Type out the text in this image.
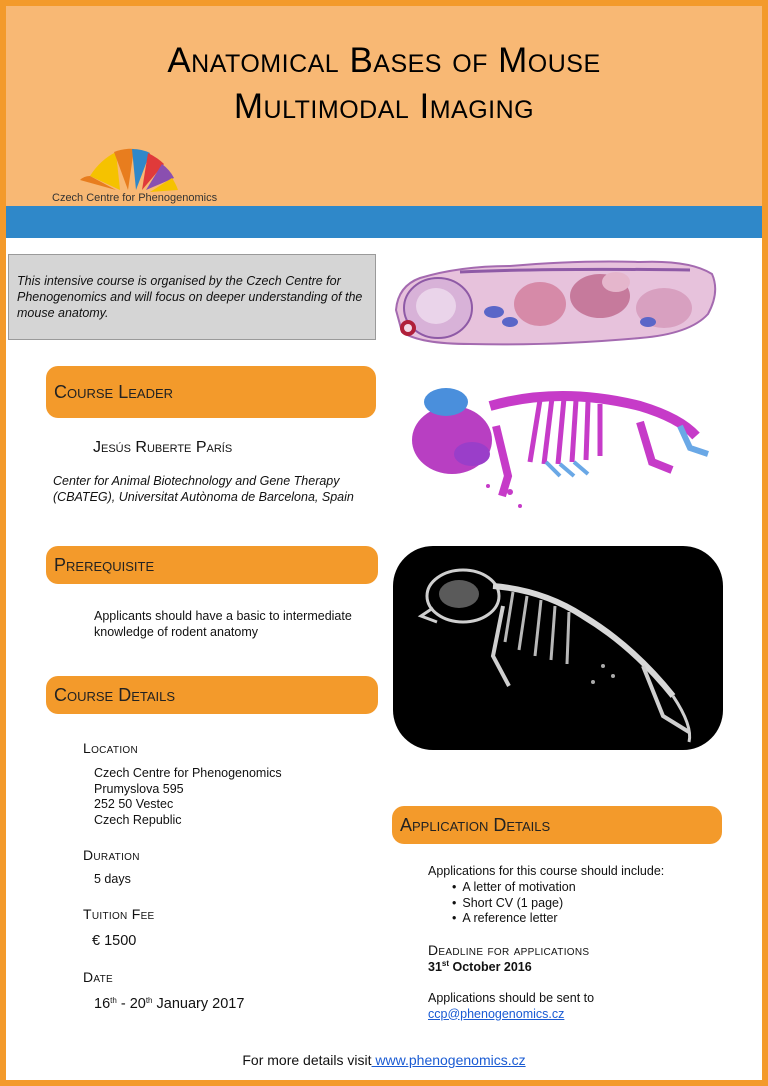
Anatomical Bases of Mouse
Multimodal Imaging
Czech Centre for Phenogenomics
This intensive course is organised by the Czech Centre for Phenogenomics and will focus on deeper understanding of the mouse anatomy.
Course Leader
Jesús Ruberte París
Center for Animal Biotechnology and Gene Therapy
(CBATEG), Universitat Autònoma de Barcelona, Spain
Prerequisite
Applicants should have a basic to intermediate
knowledge of rodent anatomy
Course Details
Location
Czech Centre for Phenogenomics
Prumyslova 595
252 50 Vestec
Czech Republic
Duration
5 days
Tuition Fee
€ 1500
Date
16th - 20th January 2017
Application Details
Applications for this course should include:
• A letter of motivation
• Short CV (1 page)
• A reference letter
Deadline for applications
31st October 2016
Applications should be sent to
ccp@phenogenomics.cz
For more details visit www.phenogenomics.cz
